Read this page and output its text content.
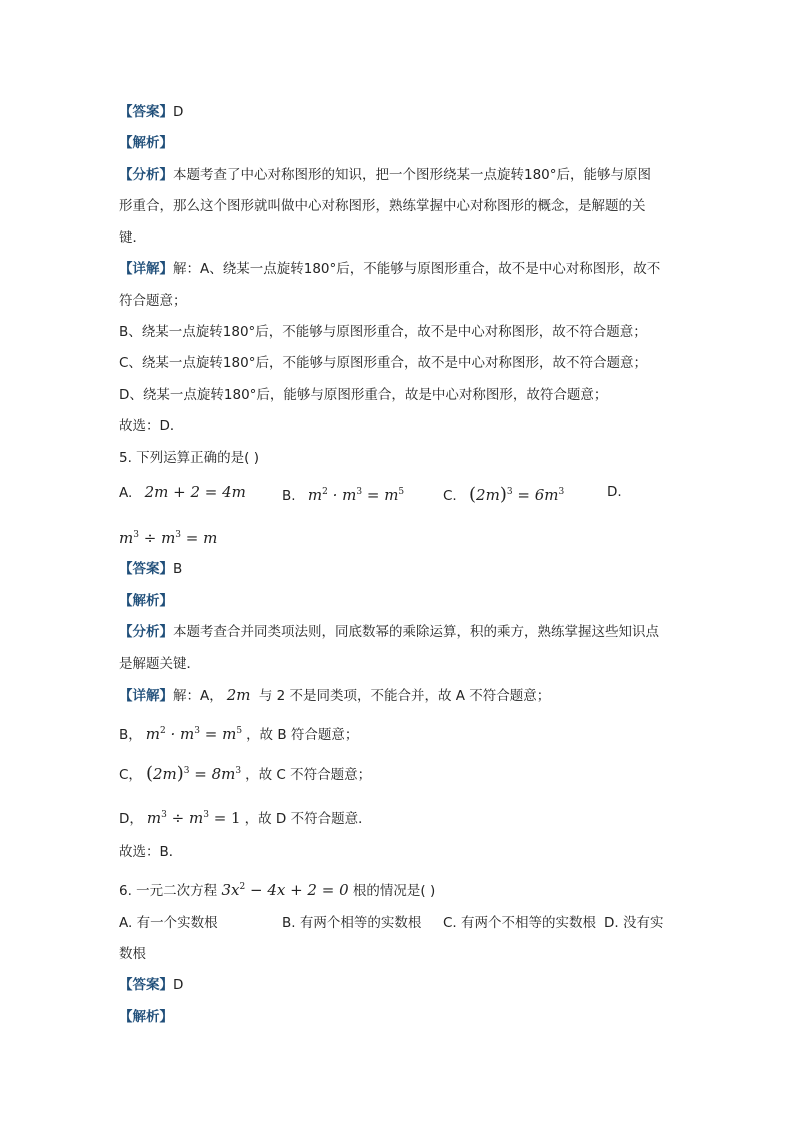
【答案】D
【解析】
【分析】本题考查了中心对称图形的知识，把一个图形绕某一点旋转180°后，能够与原图
形重合，那么这个图形就叫做中心对称图形，熟练掌握中心对称图形的概念，是解题的关
键．
【详解】解：A、绕某一点旋转180°后，不能够与原图形重合，故不是中心对称图形，故不
符合题意；
B、绕某一点旋转180°后，不能够与原图形重合，故不是中心对称图形，故不符合题意；
C、绕某一点旋转180°后，不能够与原图形重合，故不是中心对称图形，故不符合题意；
D、绕某一点旋转180°后，能够与原图形重合，故是中心对称图形，故符合题意；
故选：D．
5. 下列运算正确的是( )
A. 2m + 2 = 4m	B. $m^2 \cdot m^3 = m^5$	C. $(2m)^3 = 6m^3$	D.
$m^3 \div m^3 = m$
【答案】B
【解析】
【分析】本题考查合并同类项法则，同底数幂的乘除运算，积的乘方，熟练掌握这些知识点
是解题关键．
【详解】解：A， 2m 与 2 不是同类项，不能合并，故 A 不符合题意；
B， $m^2 \cdot m^3 = m^5$ ，故 B 符合题意；
C， $(2m)^3 = 8m^3$ ，故 C 不符合题意；
D， $m^3 \div m^3 = 1$ ，故 D 不符合题意．
故选：B．
6. 一元二次方程 $3x^2 - 4x + 2 = 0$ 根的情况是( )
A. 有一个实数根	B. 有两个相等的实数根 C. 有两个不相等的实数根 D. 没有实
数根
【答案】D
【解析】
